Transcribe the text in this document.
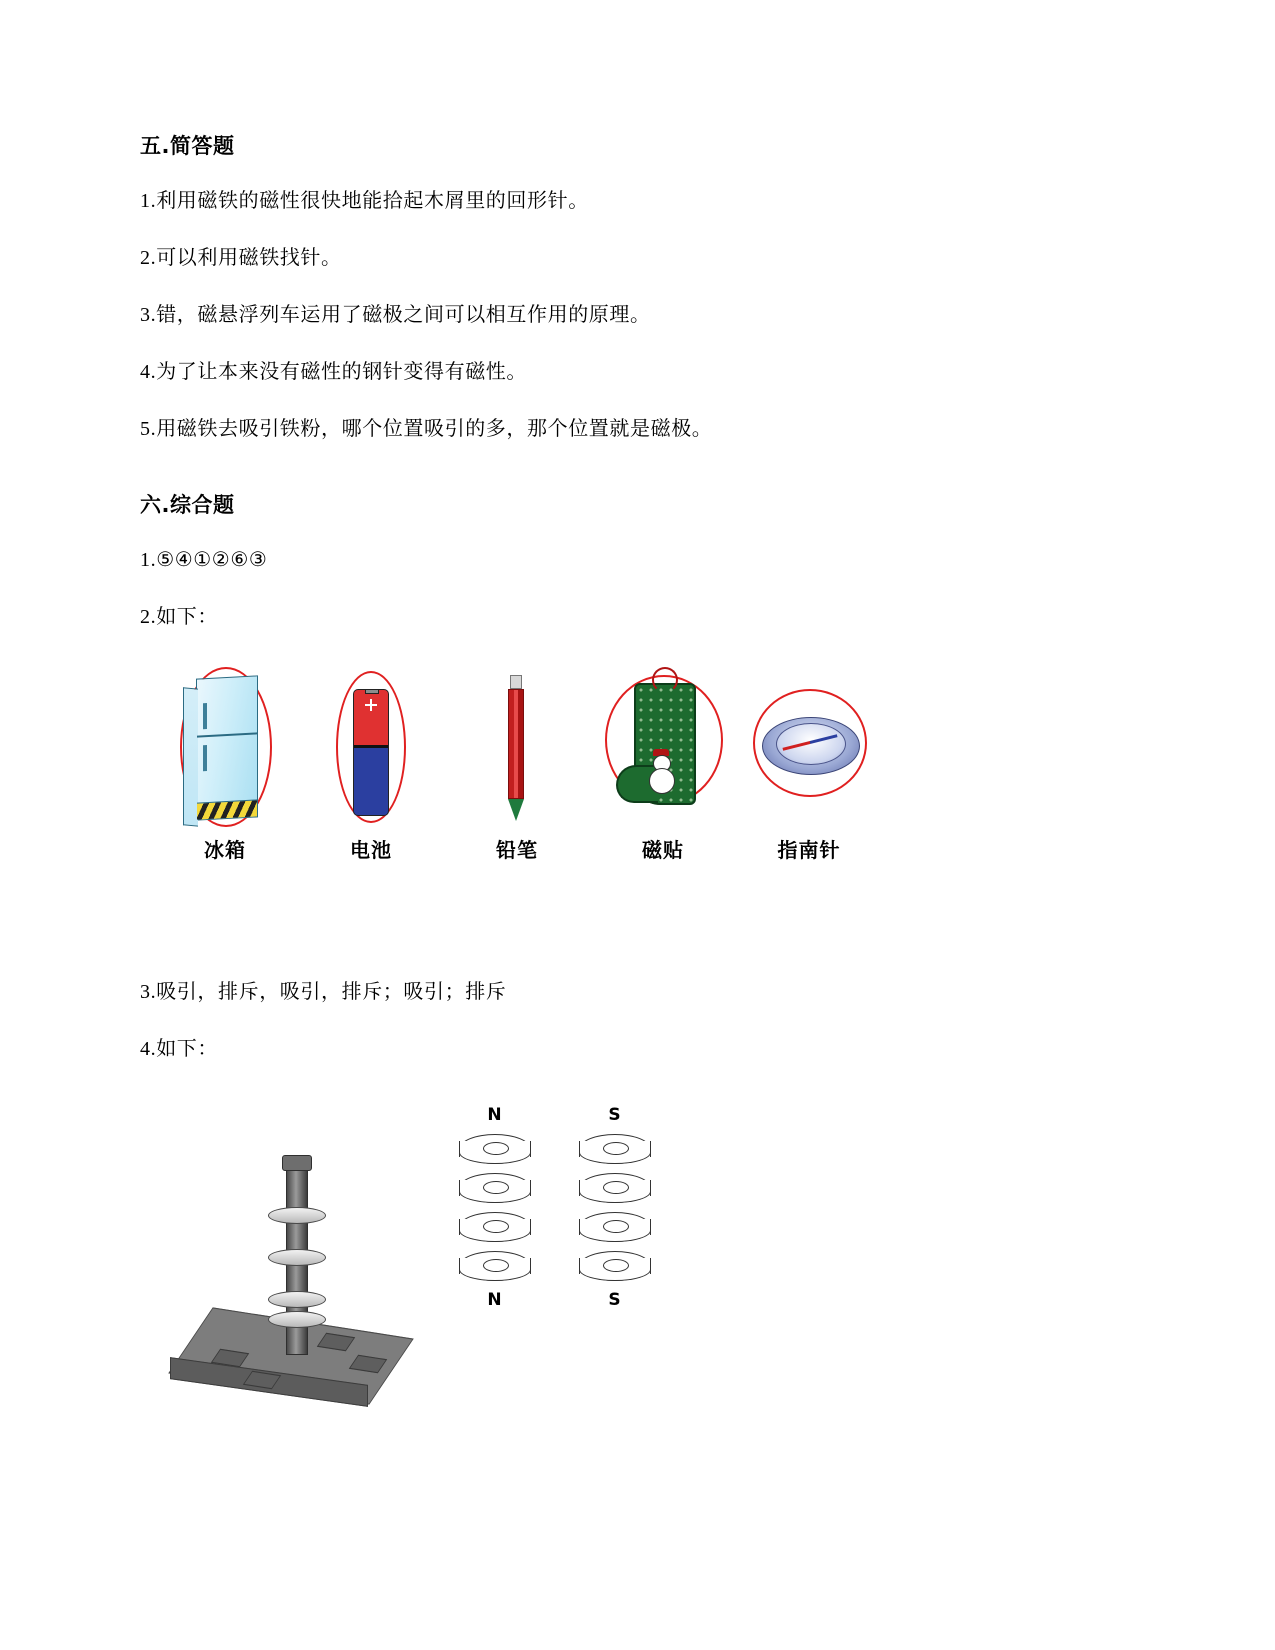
五.简答题

1.利用磁铁的磁性很快地能拾起木屑里的回形针。

2.可以利用磁铁找针。

3.错，磁悬浮列车运用了磁极之间可以相互作用的原理。

4.为了让本来没有磁性的钢针变得有磁性。

5.用磁铁去吸引铁粉，哪个位置吸引的多，那个位置就是磁极。

六.综合题

1.⑤④①②⑥③

2.如下：

冰箱	电池	铅笔	磁贴	指南针

3.吸引，排斥，吸引，排斥；吸引；排斥

4.如下：

N
N
S
S
